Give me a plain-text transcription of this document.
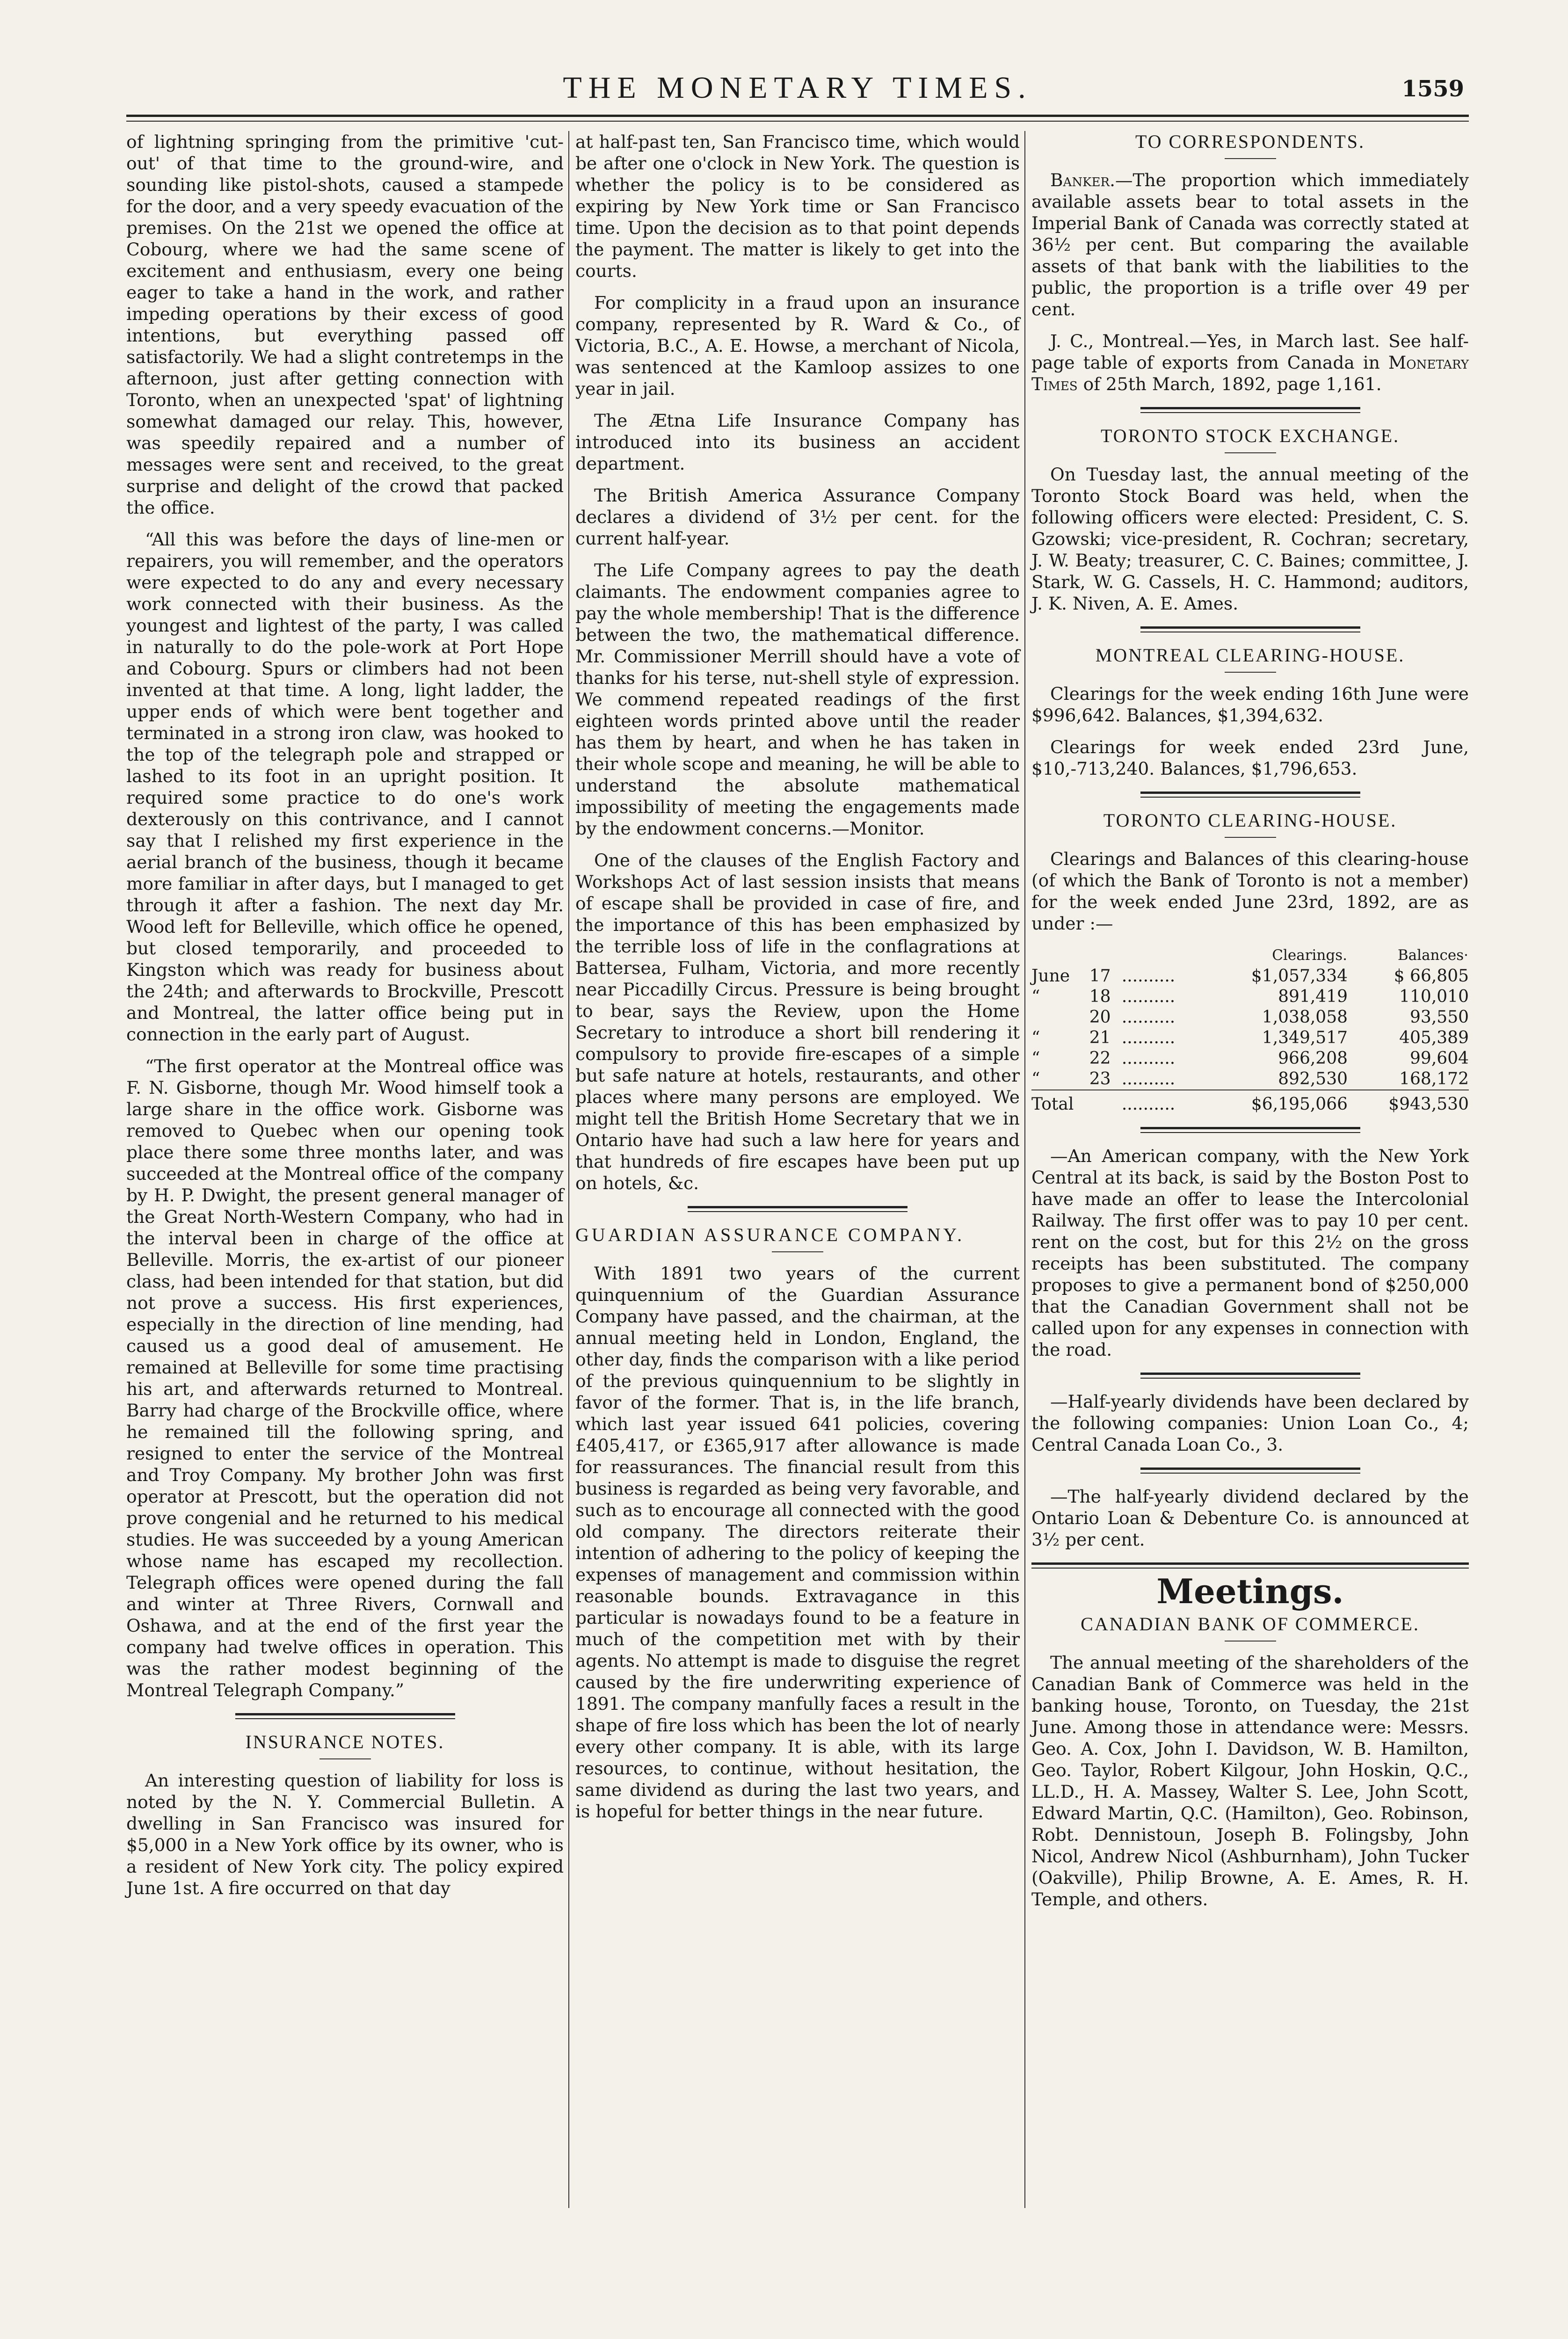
THE MONETARY TIMES.	1559

of lightning springing from the primitive 'cut-out' of that time to the ground-wire, and sounding like pistol-shots, caused a stampede for the door, and a very speedy evacuation of the premises. On the 21st we opened the office at Cobourg, where we had the same scene of excitement and enthusiasm, every one being eager to take a hand in the work, and rather impeding operations by their excess of good intentions, but everything passed off satisfactorily. We had a slight contretemps in the afternoon, just after getting connection with Toronto, when an unexpected 'spat' of lightning somewhat damaged our relay. This, however, was speedily repaired and a number of messages were sent and received, to the great surprise and delight of the crowd that packed the office.

“All this was before the days of line-men or repairers, you will remember, and the operators were expected to do any and every necessary work connected with their business. As the youngest and lightest of the party, I was called in naturally to do the pole-work at Port Hope and Cobourg. Spurs or climbers had not been invented at that time. A long, light ladder, the upper ends of which were bent together and terminated in a strong iron claw, was hooked to the top of the telegraph pole and strapped or lashed to its foot in an upright position. It required some practice to do one's work dexterously on this contrivance, and I cannot say that I relished my first experience in the aerial branch of the business, though it became more familiar in after days, but I managed to get through it after a fashion. The next day Mr. Wood left for Belleville, which office he opened, but closed temporarily, and proceeded to Kingston which was ready for business about the 24th; and afterwards to Brockville, Prescott and Montreal, the latter office being put in connection in the early part of August.

“The first operator at the Montreal office was F. N. Gisborne, though Mr. Wood himself took a large share in the office work. Gisborne was removed to Quebec when our opening took place there some three months later, and was succeeded at the Montreal office of the company by H. P. Dwight, the present general manager of the Great North-Western Company, who had in the interval been in charge of the office at Belleville. Morris, the ex-artist of our pioneer class, had been intended for that station, but did not prove a success. His first experiences, especially in the direction of line mending, had caused us a good deal of amusement. He remained at Belleville for some time practising his art, and afterwards returned to Montreal. Barry had charge of the Brockville office, where he remained till the following spring, and resigned to enter the service of the Montreal and Troy Company. My brother John was first operator at Prescott, but the operation did not prove congenial and he returned to his medical studies. He was succeeded by a young American whose name has escaped my recollection. Telegraph offices were opened during the fall and winter at Three Rivers, Cornwall and Oshawa, and at the end of the first year the company had twelve offices in operation. This was the rather modest beginning of the Montreal Telegraph Company.”

INSURANCE NOTES.

An interesting question of liability for loss is noted by the N. Y. Commercial Bulletin. A dwelling in San Francisco was insured for $5,000 in a New York office by its owner, who is a resident of New York city. The policy expired June 1st. A fire occurred on that day

at half-past ten, San Francisco time, which would be after one o'clock in New York. The question is whether the policy is to be considered as expiring by New York time or San Francisco time. Upon the decision as to that point depends the payment. The matter is likely to get into the courts.

For complicity in a fraud upon an insurance company, represented by R. Ward & Co., of Victoria, B.C., A. E. Howse, a merchant of Nicola, was sentenced at the Kamloop assizes to one year in jail.

The Ætna Life Insurance Company has introduced into its business an accident department.

The British America Assurance Company declares a dividend of 3½ per cent. for the current half-year.

The Life Company agrees to pay the death claimants. The endowment companies agree to pay the whole membership! That is the difference between the two, the mathematical difference. Mr. Commissioner Merrill should have a vote of thanks for his terse, nut-shell style of expression. We commend repeated readings of the first eighteen words printed above until the reader has them by heart, and when he has taken in their whole scope and meaning, he will be able to understand the absolute mathematical impossibility of meeting the engagements made by the endowment concerns.—Monitor.

One of the clauses of the English Factory and Workshops Act of last session insists that means of escape shall be provided in case of fire, and the importance of this has been emphasized by the terrible loss of life in the conflagrations at Battersea, Fulham, Victoria, and more recently near Piccadilly Circus. Pressure is being brought to bear, says the Review, upon the Home Secretary to introduce a short bill rendering it compulsory to provide fire-escapes of a simple but safe nature at hotels, restaurants, and other places where many persons are employed. We might tell the British Home Secretary that we in Ontario have had such a law here for years and that hundreds of fire escapes have been put up on hotels, &c.

GUARDIAN ASSURANCE COMPANY.

With 1891 two years of the current quinquennium of the Guardian Assurance Company have passed, and the chairman, at the annual meeting held in London, England, the other day, finds the comparison with a like period of the previous quinquennium to be slightly in favor of the former. That is, in the life branch, which last year issued 641 policies, covering £405,417, or £365,917 after allowance is made for reassurances. The financial result from this business is regarded as being very favorable, and such as to encourage all connected with the good old company. The directors reiterate their intention of adhering to the policy of keeping the expenses of management and commission within reasonable bounds. Extravagance in this particular is nowadays found to be a feature in much of the competition met with by their agents. No attempt is made to disguise the regret caused by the fire underwriting experience of 1891. The company manfully faces a result in the shape of fire loss which has been the lot of nearly every other company. It is able, with its large resources, to continue, without hesitation, the same dividend as during the last two years, and is hopeful for better things in the near future.

TO CORRESPONDENTS.

Banker.—The proportion which immediately available assets bear to total assets in the Imperial Bank of Canada was correctly stated at 36½ per cent. But comparing the available assets of that bank with the liabilities to the public, the proportion is a trifle over 49 per cent.

J. C., Montreal.—Yes, in March last. See half-page table of exports from Canada in Monetary Times of 25th March, 1892, page 1,161.

TORONTO STOCK EXCHANGE.

On Tuesday last, the annual meeting of the Toronto Stock Board was held, when the following officers were elected: President, C. S. Gzowski; vice-president, R. Cochran; secretary, J. W. Beaty; treasurer, C. C. Baines; committee, J. Stark, W. G. Cassels, H. C. Hammond; auditors, J. K. Niven, A. E. Ames.

MONTREAL CLEARING-HOUSE.

Clearings for the week ending 16th June were $996,642. Balances, $1,394,632.

Clearings for week ended 23rd June, $10,-713,240. Balances, $1,796,653.

TORONTO CLEARING-HOUSE.

Clearings and Balances of this clearing-house (of which the Bank of Toronto is not a member) for the week ended June 23rd, 1892, are as under :—

			Clearings.	Balances·
June	17	..........	$1,057,334	$ 66,805
“	18	..........	891,419	110,010
	20	..........	1,038,058	93,550
“	21	..........	1,349,517	405,389
“	22	..........	966,208	99,604
“	23	..........	892,530	168,172
Total		..........	$6,195,066	$943,530

—An American company, with the New York Central at its back, is said by the Boston Post to have made an offer to lease the Intercolonial Railway. The first offer was to pay 10 per cent. rent on the cost, but for this 2½ on the gross receipts has been substituted. The company proposes to give a permanent bond of $250,000 that the Canadian Government shall not be called upon for any expenses in connection with the road.

—Half-yearly dividends have been declared by the following companies: Union Loan Co., 4; Central Canada Loan Co., 3.

—The half-yearly dividend declared by the Ontario Loan & Debenture Co. is announced at 3½ per cent.

Meetings.
CANADIAN BANK OF COMMERCE.

The annual meeting of the shareholders of the Canadian Bank of Commerce was held in the banking house, Toronto, on Tuesday, the 21st June. Among those in attendance were: Messrs. Geo. A. Cox, John I. Davidson, W. B. Hamilton, Geo. Taylor, Robert Kilgour, John Hoskin, Q.C., LL.D., H. A. Massey, Walter S. Lee, John Scott, Edward Martin, Q.C. (Hamilton), Geo. Robinson, Robt. Dennistoun, Joseph B. Folingsby, John Nicol, Andrew Nicol (Ashburnham), John Tucker (Oakville), Philip Browne, A. E. Ames, R. H. Temple, and others.
